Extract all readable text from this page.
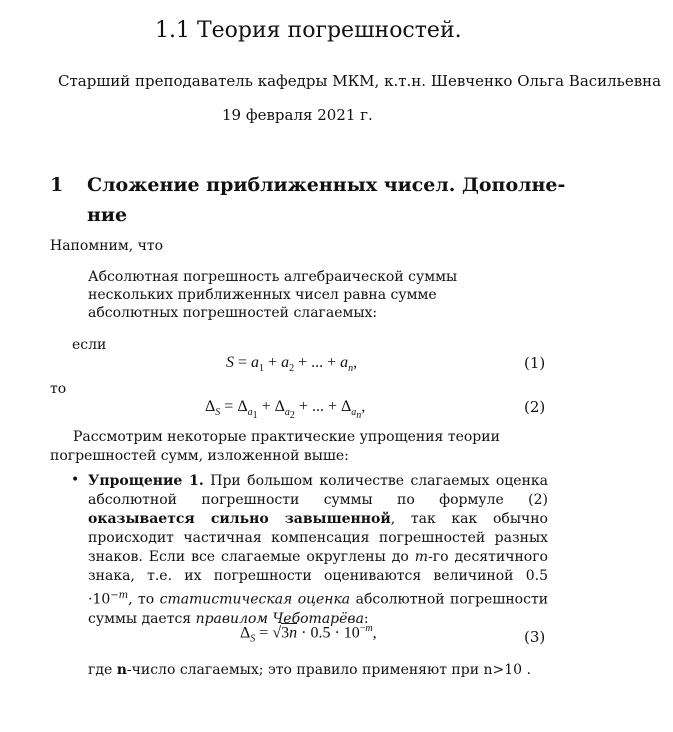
1.1 Теория погрешностей.
Старший преподаватель кафедры МКМ, к.т.н. Шевченко Ольга Васильевна
19 февраля 2021 г.
1 Сложение приближенных чисел. Дополне-
ние
Напомним, что
Абсолютная погрешность алгебраической суммы нескольких приближенных чисел равна сумме абсолютных погрешностей слагаемых:
если
$S = a_1 + a_2$ + ... + $a_n$,	(1)
то
$\Delta_S = \Delta_{a_1} + \Delta_{a_2}$ + ... + $\Delta_{a_n}$,	(2)
Рассмотрим некоторые практические упрощения теории погрешностей сумм, изложенной выше:
• Упрощение 1. При большом количестве слагаемых оценка абсолютной погрешности суммы по формуле (2) оказывается сильно завышенной, так как обычно происходит частичная компенсация погрешностей разных знаков. Если все слагаемые округлены до m-го десятичного знака, т.е. их погрешности оцениваются величиной $0.5 \cdot 10^{-m}$, то статистическая оценка абсолютной погрешности суммы дается правилом Чеботарёва:
$\Delta_S = √3n \cdot 0.5 \cdot 10^{-m}$,	(3)
где n-число слагаемых; это правило применяют при n>10 .
